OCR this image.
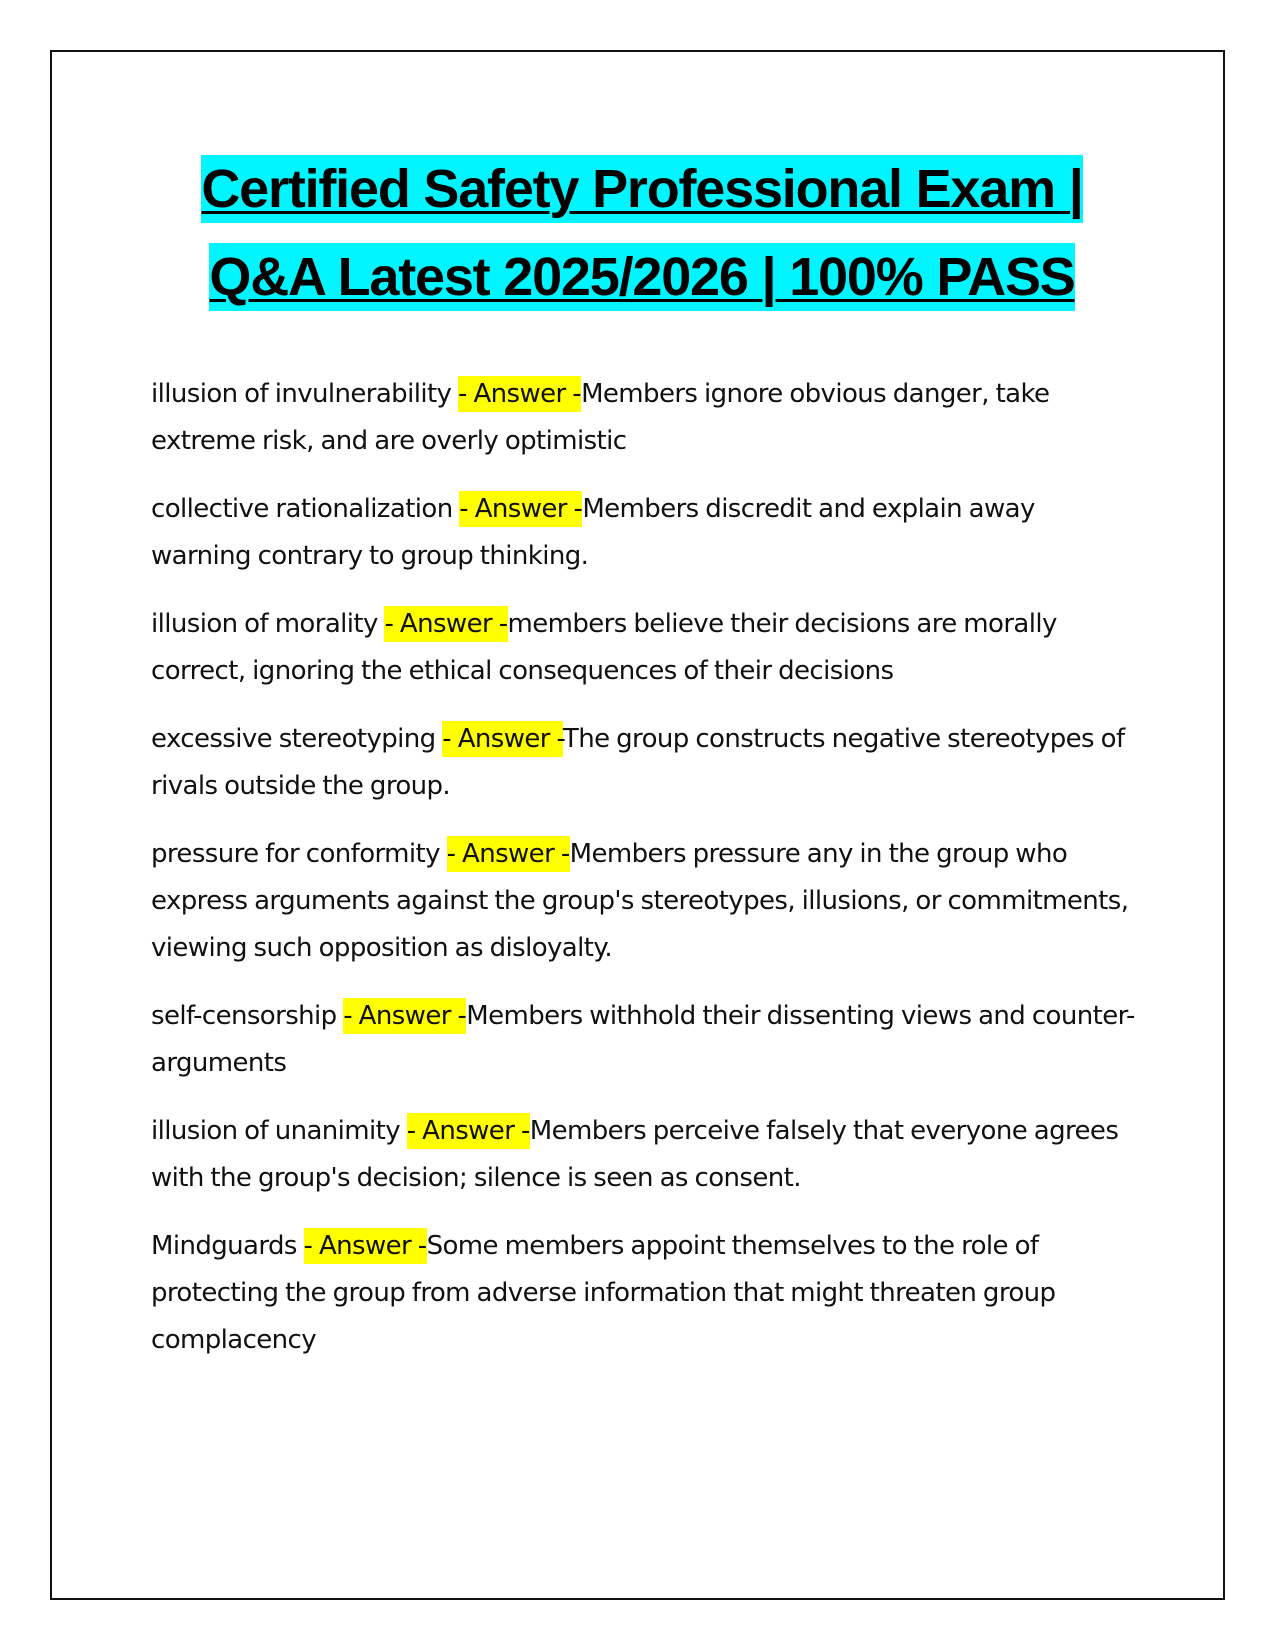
Certified Safety Professional Exam |
Q&A Latest 2025/2026 | 100% PASS

illusion of invulnerability - Answer -Members ignore obvious danger, take extreme risk, and are overly optimistic

collective rationalization - Answer -Members discredit and explain away warning contrary to group thinking.

illusion of morality - Answer -members believe their decisions are morally correct, ignoring the ethical consequences of their decisions

excessive stereotyping - Answer -The group constructs negative stereotypes of rivals outside the group.

pressure for conformity - Answer -Members pressure any in the group who express arguments against the group's stereotypes, illusions, or commitments, viewing such opposition as disloyalty.

self-censorship - Answer -Members withhold their dissenting views and counter-arguments

illusion of unanimity - Answer -Members perceive falsely that everyone agrees with the group's decision; silence is seen as consent.

Mindguards - Answer -Some members appoint themselves to the role of protecting the group from adverse information that might threaten group complacency
